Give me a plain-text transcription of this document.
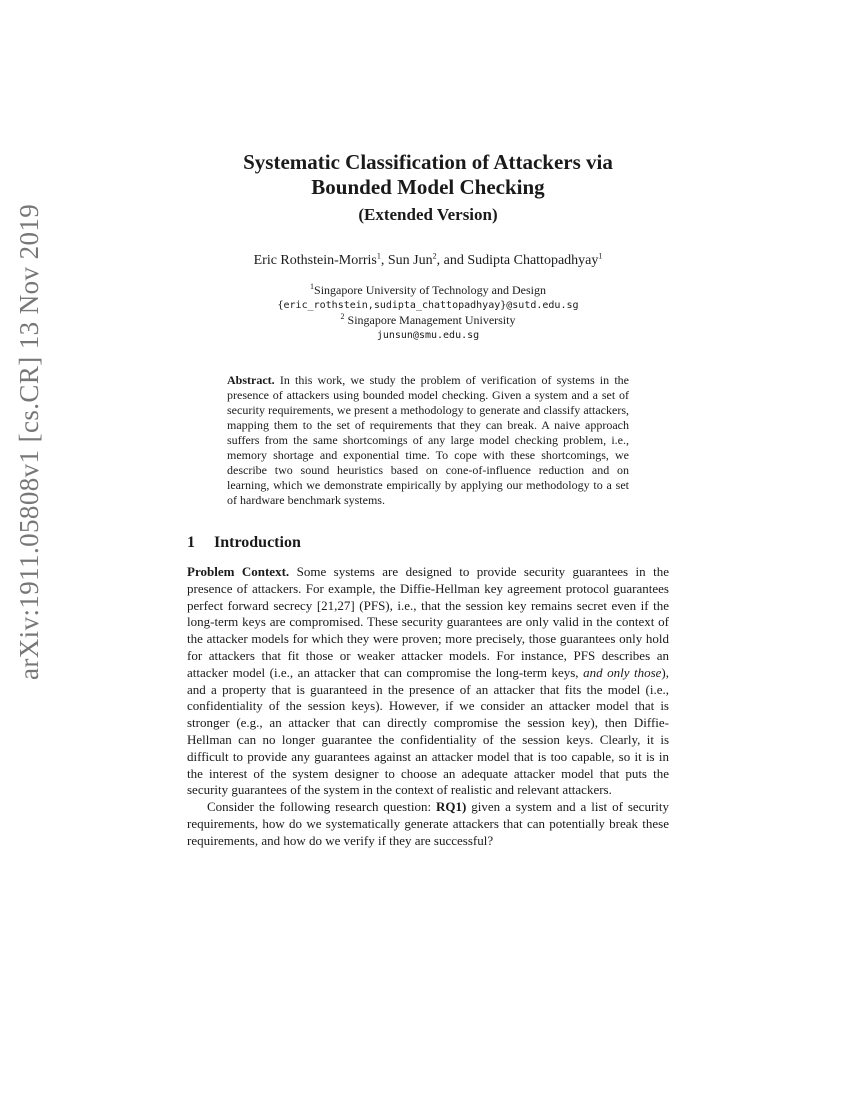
arXiv:1911.05808v1 [cs.CR] 13 Nov 2019
Systematic Classification of Attackers via
Bounded Model Checking
(Extended Version)
Eric Rothstein-Morris$^1$, Sun Jun$^2$, and Sudipta Chattopadhyay$^1$
$^1$Singapore University of Technology and Design
{eric_rothstein,sudipta_chattopadhyay}@sutd.edu.sg
$^2$ Singapore Management University
junsun@smu.edu.sg
Abstract. In this work, we study the problem of verification of systems in the presence of attackers using bounded model checking. Given a system and a set of security requirements, we present a methodology to generate and classify attackers, mapping them to the set of requirements that they can break. A naive approach suffers from the same shortcomings of any large model checking problem, i.e., memory shortage and exponential time. To cope with these shortcomings, we describe two sound heuristics based on cone-of-influence reduction and on learning, which we demonstrate empirically by applying our methodology to a set of hardware benchmark systems.
1 Introduction

Problem Context. Some systems are designed to provide security guarantees in the presence of attackers. For example, the Diffie-Hellman key agreement protocol guarantees perfect forward secrecy [21,27] (PFS), i.e., that the session key remains secret even if the long-term keys are compromised. These security guarantees are only valid in the context of the attacker models for which they were proven; more precisely, those guarantees only hold for attackers that fit those or weaker attacker models. For instance, PFS describes an attacker model (i.e., an attacker that can compromise the long-term keys, and only those), and a property that is guaranteed in the presence of an attacker that fits the model (i.e., confidentiality of the session keys). However, if we consider an attacker model that is stronger (e.g., an attacker that can directly compromise the session key), then Diffie-Hellman can no longer guarantee the confidentiality of the session keys. Clearly, it is difficult to provide any guarantees against an attacker model that is too capable, so it is in the interest of the system designer to choose an adequate attacker model that puts the security guarantees of the system in the context of realistic and relevant attackers.

Consider the following research question: RQ1) given a system and a list of security requirements, how do we systematically generate attackers that can potentially break these requirements, and how do we verify if they are successful?
